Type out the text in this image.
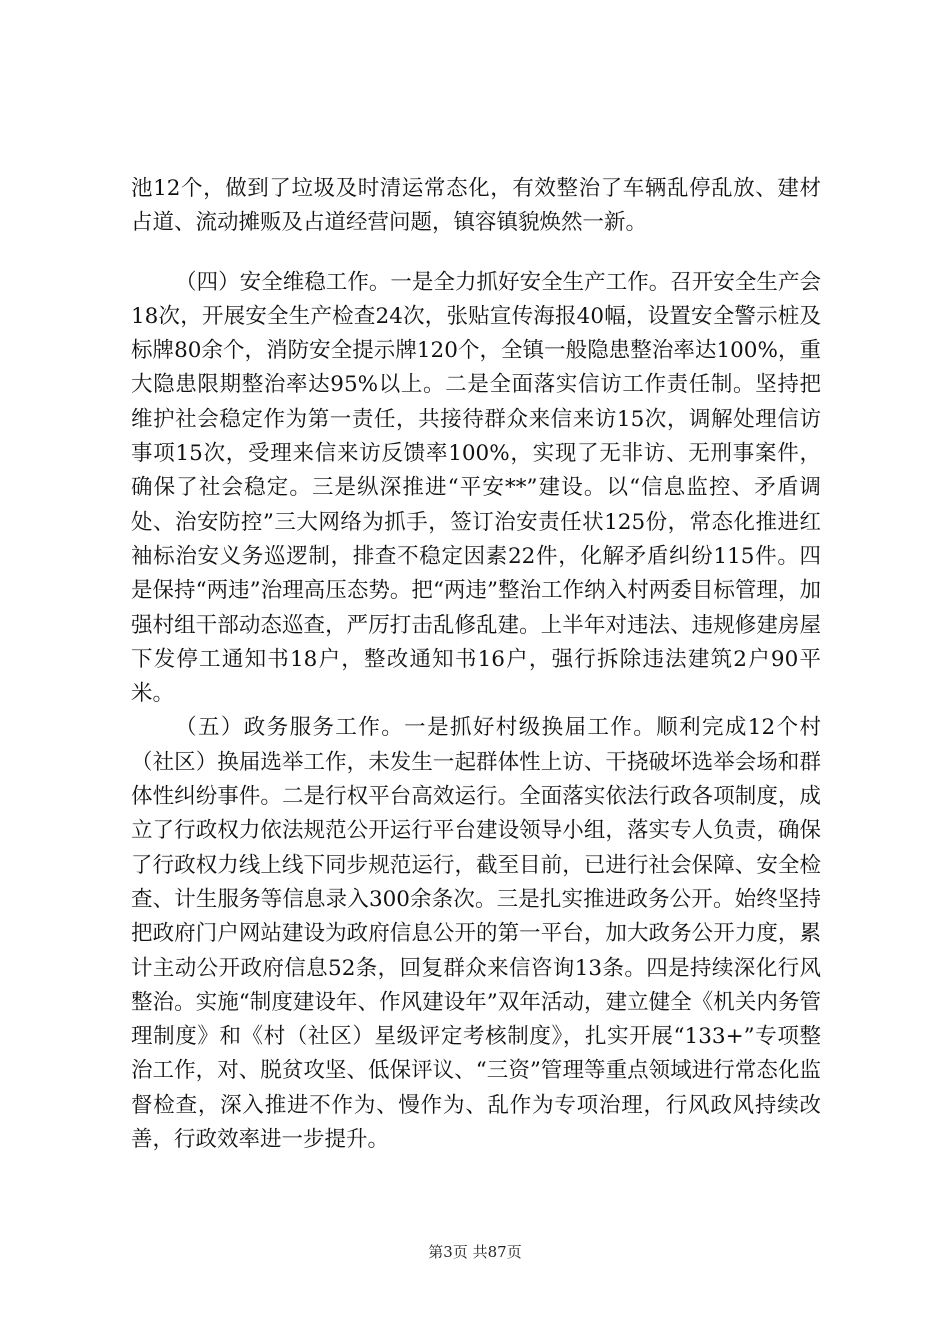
池12个，做到了垃圾及时清运常态化，有效整治了车辆乱停乱放、建材占道、流动摊贩及占道经营问题，镇容镇貌焕然一新。

（四）安全维稳工作。一是全力抓好安全生产工作。召开安全生产会18次，开展安全生产检查24次，张贴宣传海报40幅，设置安全警示桩及标牌80余个，消防安全提示牌120个，全镇一般隐患整治率达100%，重大隐患限期整治率达95%以上。二是全面落实信访工作责任制。坚持把维护社会稳定作为第一责任，共接待群众来信来访15次，调解处理信访事项15次，受理来信来访反馈率100%，实现了无非访、无刑事案件，确保了社会稳定。三是纵深推进“平安**”建设。以“信息监控、矛盾调处、治安防控”三大网络为抓手，签订治安责任状125份，常态化推进红袖标治安义务巡逻制，排查不稳定因素22件，化解矛盾纠纷115件。四是保持“两违”治理高压态势。把“两违”整治工作纳入村两委目标管理，加强村组干部动态巡查，严厉打击乱修乱建。上半年对违法、违规修建房屋下发停工通知书18户，整改通知书16户，强行拆除违法建筑2户90平米。

（五）政务服务工作。一是抓好村级换届工作。顺利完成12个村（社区）换届选举工作，未发生一起群体性上访、干挠破坏选举会场和群体性纠纷事件。二是行权平台高效运行。全面落实依法行政各项制度，成立了行政权力依法规范公开运行平台建设领导小组，落实专人负责，确保了行政权力线上线下同步规范运行，截至目前，已进行社会保障、安全检查、计生服务等信息录入300余条次。三是扎实推进政务公开。始终坚持把政府门户网站建设为政府信息公开的第一平台，加大政务公开力度，累计主动公开政府信息52条，回复群众来信咨询13条。四是持续深化行风整治。实施“制度建设年、作风建设年”双年活动，建立健全《机关内务管理制度》和《村（社区）星级评定考核制度》，扎实开展“133+”专项整治工作，对、脱贫攻坚、低保评议、“三资”管理等重点领域进行常态化监督检查，深入推进不作为、慢作为、乱作为专项治理，行风政风持续改善，行政效率进一步提升。

第3页 共87页
